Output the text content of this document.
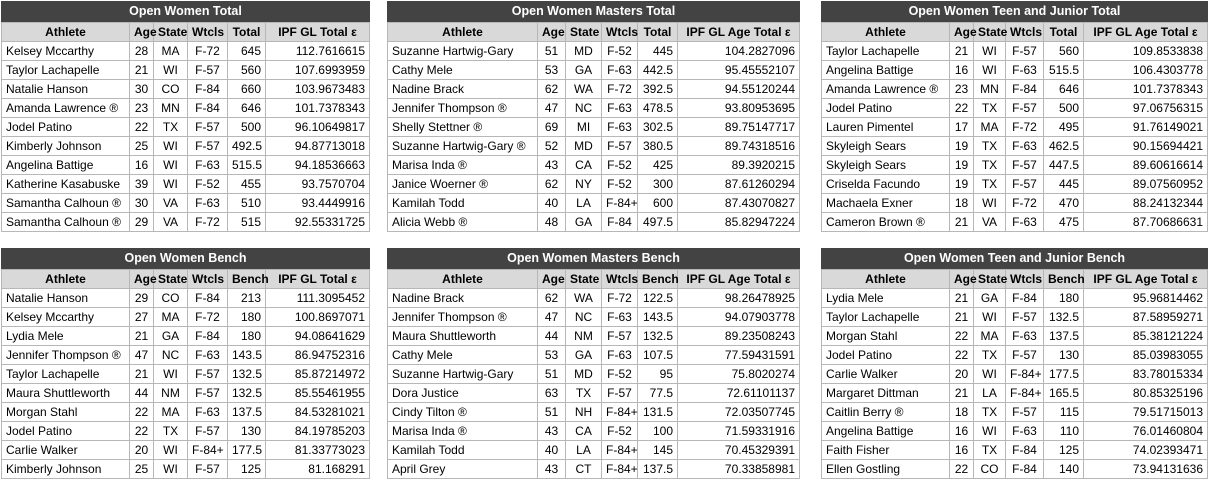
Open Women Total
Athlete	Age	State	Wtcls	Total	IPF GL Total ε
Kelsey Mccarthy	28	MA	F-72	645	112.7616615
Taylor Lachapelle	21	WI	F-57	560	107.6993959
Natalie Hanson	30	CO	F-84	660	103.9673483
Amanda Lawrence ®	23	MN	F-84	646	101.7378343
Jodel Patino	22	TX	F-57	500	96.10649817
Kimberly Johnson	25	WI	F-57	492.5	94.87713018
Angelina Battige	16	WI	F-63	515.5	94.18536663
Katherine Kasabuske	39	WI	F-52	455	93.7570704
Samantha Calhoun ®	30	VA	F-63	510	93.4449916
Samantha Calhoun ®	29	VA	F-72	515	92.55331725
Open Women Masters Total
Athlete	Age	State	Wtcls	Total	IPF GL Age Total ε
Suzanne Hartwig-Gary	51	MD	F-52	445	104.2827096
Cathy Mele	53	GA	F-63	442.5	95.45552107
Nadine Brack	62	WA	F-72	392.5	94.55120244
Jennifer Thompson ®	47	NC	F-63	478.5	93.80953695
Shelly Stettner ®	69	MI	F-63	302.5	89.75147717
Suzanne Hartwig-Gary ®	52	MD	F-57	380.5	89.74318516
Marisa Inda ®	43	CA	F-52	425	89.3920215
Janice Woerner ®	62	NY	F-52	300	87.61260294
Kamilah Todd	40	LA	F-84+	600	87.43070827
Alicia Webb ®	48	GA	F-84	497.5	85.82947224
Open Women Teen and Junior Total
Athlete	Age	State	Wtcls	Total	IPF GL Age Total ε
Taylor Lachapelle	21	WI	F-57	560	109.8533838
Angelina Battige	16	WI	F-63	515.5	106.4303778
Amanda Lawrence ®	23	MN	F-84	646	101.7378343
Jodel Patino	22	TX	F-57	500	97.06756315
Lauren Pimentel	17	MA	F-72	495	91.76149021
Skyleigh Sears	19	TX	F-63	462.5	90.15694421
Skyleigh Sears	19	TX	F-57	447.5	89.60616614
Criselda Facundo	19	TX	F-57	445	89.07560952
Machaela Exner	18	WI	F-72	470	88.24132344
Cameron Brown ®	21	VA	F-63	475	87.70686631
Open Women Bench
Athlete	Age	State	Wtcls	Bench	IPF GL Total ε
Natalie Hanson	29	CO	F-84	213	111.3095452
Kelsey Mccarthy	27	MA	F-72	180	100.8697071
Lydia Mele	21	GA	F-84	180	94.08641629
Jennifer Thompson ®	47	NC	F-63	143.5	86.94752316
Taylor Lachapelle	21	WI	F-57	132.5	85.87214972
Maura Shuttleworth	44	NM	F-57	132.5	85.55461955
Morgan Stahl	22	MA	F-63	137.5	84.53281021
Jodel Patino	22	TX	F-57	130	84.19785203
Carlie Walker	20	WI	F-84+	177.5	81.33773023
Kimberly Johnson	25	WI	F-57	125	81.168291
Open Women Masters Bench
Athlete	Age	State	Wtcls	Bench	IPF GL Age Total ε
Nadine Brack	62	WA	F-72	122.5	98.26478925
Jennifer Thompson ®	47	NC	F-63	143.5	94.07903778
Maura Shuttleworth	44	NM	F-57	132.5	89.23508243
Cathy Mele	53	GA	F-63	107.5	77.59431591
Suzanne Hartwig-Gary	51	MD	F-52	95	75.8020274
Dora Justice	63	TX	F-57	77.5	72.61101137
Cindy Tilton ®	51	NH	F-84+	131.5	72.03507745
Marisa Inda ®	43	CA	F-52	100	71.59331916
Kamilah Todd	40	LA	F-84+	145	70.45329391
April Grey	43	CT	F-84+	137.5	70.33858981
Open Women Teen and Junior Bench
Athlete	Age	State	Wtcls	Bench	IPF GL Age Total ε
Lydia Mele	21	GA	F-84	180	95.96814462
Taylor Lachapelle	21	WI	F-57	132.5	87.58959271
Morgan Stahl	22	MA	F-63	137.5	85.38121224
Jodel Patino	22	TX	F-57	130	85.03983055
Carlie Walker	20	WI	F-84+	177.5	83.78015334
Margaret Dittman	21	LA	F-84+	165.5	80.85325196
Caitlin Berry ®	18	TX	F-57	115	79.51715013
Angelina Battige	16	WI	F-63	110	76.01460804
Faith Fisher	16	TX	F-84	125	74.02393471
Ellen Gostling	22	CO	F-84	140	73.94131636
